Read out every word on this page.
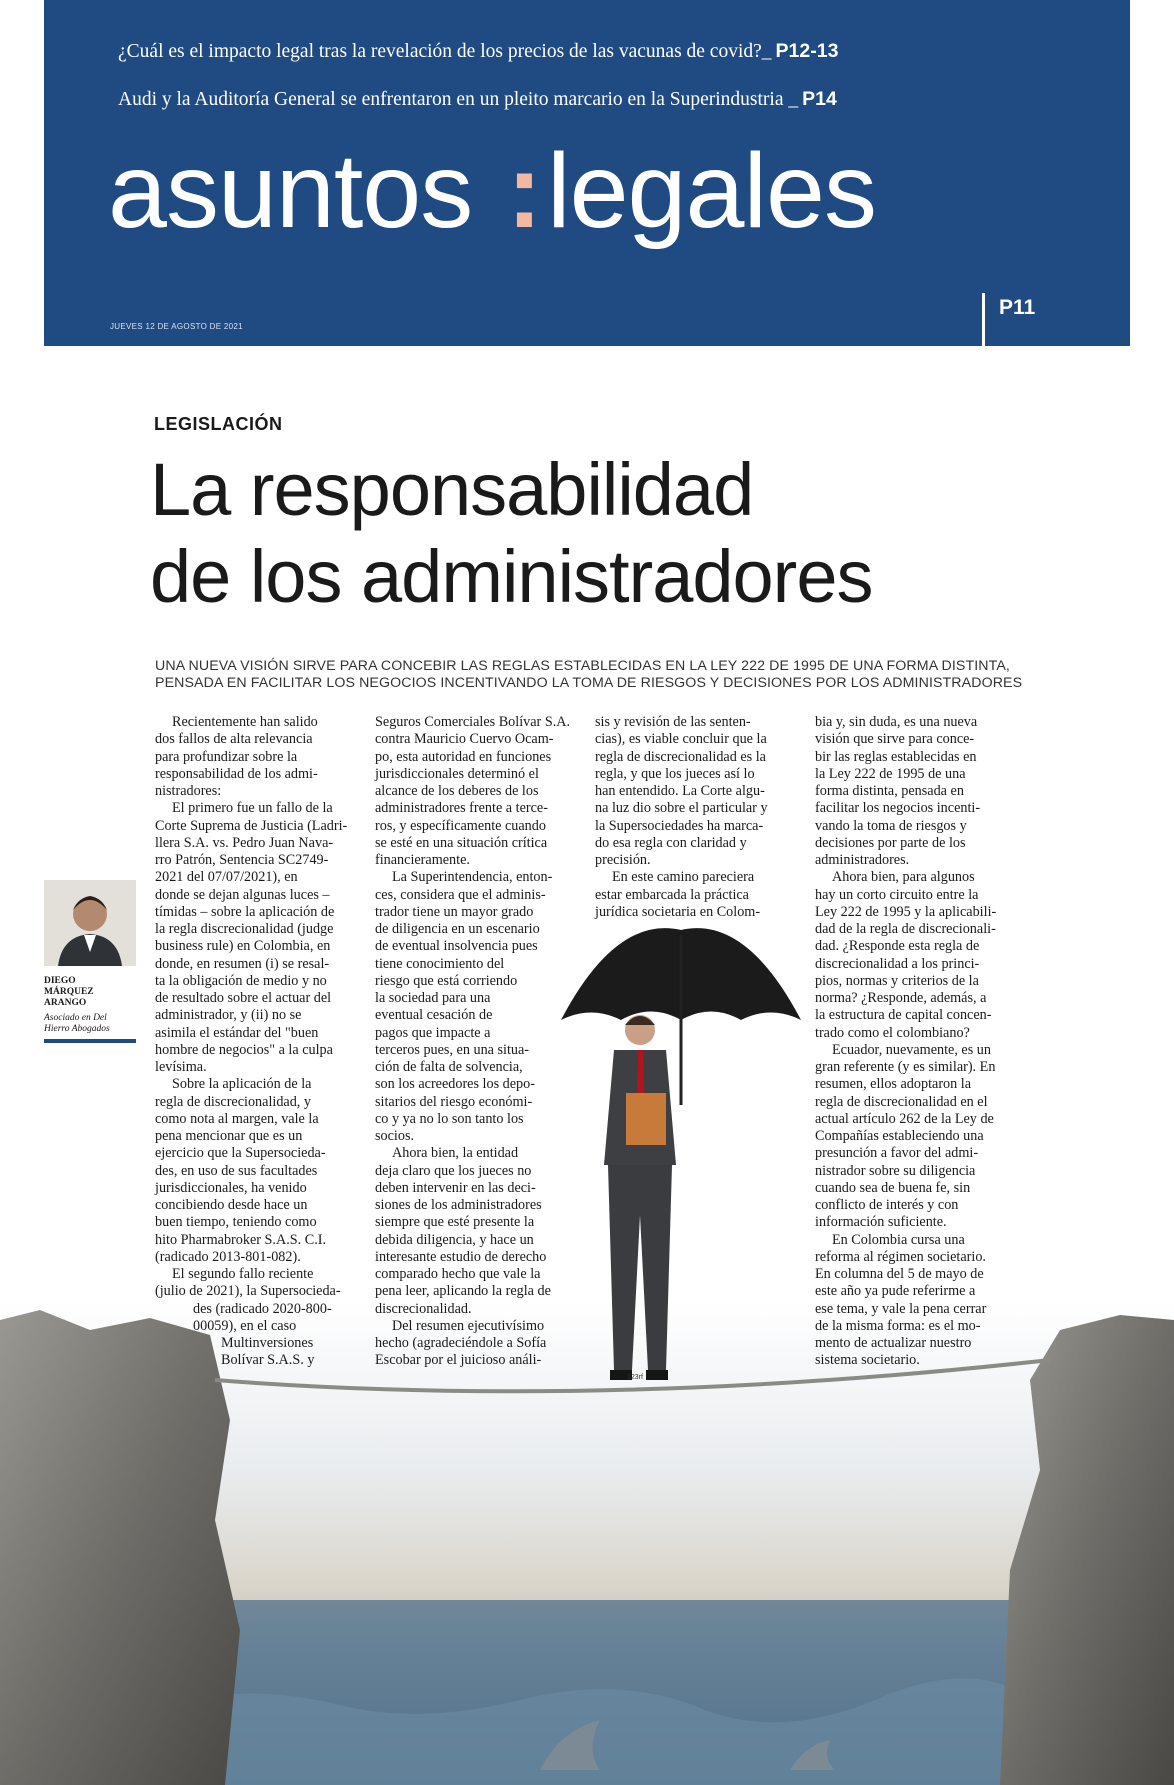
¿Cuál es el impacto legal tras la revelación de los precios de las vacunas de covid?_ P12-13
Audi y la Auditoría General se enfrentaron en un pleito marcario en la Superindustria _ P14
asuntos :legales
JUEVES 12 DE AGOSTO DE 2021
P11
LEGISLACIÓN
La responsabilidad
de los administradores
UNA NUEVA VISIÓN SIRVE PARA CONCEBIR LAS REGLAS ESTABLECIDAS EN LA LEY 222 DE 1995 DE UNA FORMA DISTINTA,
PENSADA EN FACILITAR LOS NEGOCIOS INCENTIVANDO LA TOMA DE RIESGOS Y DECISIONES POR LOS ADMINISTRADORES
DIEGO
MÁRQUEZ
ARANGO
Asociado en Del
Hierro Abogados
Recientemente han salido
dos fallos de alta relevancia
para profundizar sobre la
responsabilidad de los admi-
nistradores:
El primero fue un fallo de la
Corte Suprema de Justicia (Ladri-
llera S.A. vs. Pedro Juan Nava-
rro Patrón, Sentencia SC2749-
2021 del 07/07/2021), en
donde se dejan algunas luces –
tímidas – sobre la aplicación de
la regla discrecionalidad (judge
business rule) en Colombia, en
donde, en resumen (i) se resal-
ta la obligación de medio y no
de resultado sobre el actuar del
administrador, y (ii) no se
asimila el estándar del "buen
hombre de negocios" a la culpa
levísima.
Sobre la aplicación de la
regla de discrecionalidad, y
como nota al margen, vale la
pena mencionar que es un
ejercicio que la Supersocieda-
des, en uso de sus facultades
jurisdiccionales, ha venido
concibiendo desde hace un
buen tiempo, teniendo como
hito Pharmabroker S.A.S. C.I.
(radicado 2013-801-082).
El segundo fallo reciente
(julio de 2021), la Supersocieda-
des (radicado 2020-800-
00059), en el caso
Multinversiones
Bolívar S.A.S. y
Seguros Comerciales Bolívar S.A.
contra Mauricio Cuervo Ocam-
po, esta autoridad en funciones
jurisdiccionales determinó el
alcance de los deberes de los
administradores frente a terce-
ros, y específicamente cuando
se esté en una situación crítica
financieramente.
La Superintendencia, enton-
ces, considera que el adminis-
trador tiene un mayor grado
de diligencia en un escenario
de eventual insolvencia pues
tiene conocimiento del
riesgo que está corriendo
la sociedad para una
eventual cesación de
pagos que impacte a
terceros pues, en una situa-
ción de falta de solvencia,
son los acreedores los depo-
sitarios del riesgo económi-
co y ya no lo son tanto los
socios.
Ahora bien, la entidad
deja claro que los jueces no
deben intervenir en las deci-
siones de los administradores
siempre que esté presente la
debida diligencia, y hace un
interesante estudio de derecho
comparado hecho que vale la
pena leer, aplicando la regla de
discrecionalidad.
Del resumen ejecutivísimo
hecho (agradeciéndole a Sofía
Escobar por el juicioso análi-
sis y revisión de las senten-
cias), es viable concluir que la
regla de discrecionalidad es la
regla, y que los jueces así lo
han entendido. La Corte algu-
na luz dio sobre el particular y
la Supersociedades ha marca-
do esa regla con claridad y
precisión.
En este camino pareciera
estar embarcada la práctica
jurídica societaria en Colom-
bia y, sin duda, es una nueva
visión que sirve para conce-
bir las reglas establecidas en
la Ley 222 de 1995 de una
forma distinta, pensada en
facilitar los negocios incenti-
vando la toma de riesgos y
decisiones por parte de los
administradores.
Ahora bien, para algunos
hay un corto circuito entre la
Ley 222 de 1995 y la aplicabili-
dad de la regla de discrecionali-
dad. ¿Responde esta regla de
discrecionalidad a los princi-
pios, normas y criterios de la
norma? ¿Responde, además, a
la estructura de capital concen-
trado como el colombiano?
Ecuador, nuevamente, es un
gran referente (y es similar). En
resumen, ellos adoptaron la
regla de discrecionalidad en el
actual artículo 262 de la Ley de
Compañías estableciendo una
presunción a favor del admi-
nistrador sobre su diligencia
cuando sea de buena fe, sin
conflicto de interés y con
información suficiente.
En Colombia cursa una
reforma al régimen societario.
En columna del 5 de mayo de
este año ya pude referirme a
ese tema, y vale la pena cerrar
de la misma forma: es el mo-
mento de actualizar nuestro
sistema societario.
123rf
